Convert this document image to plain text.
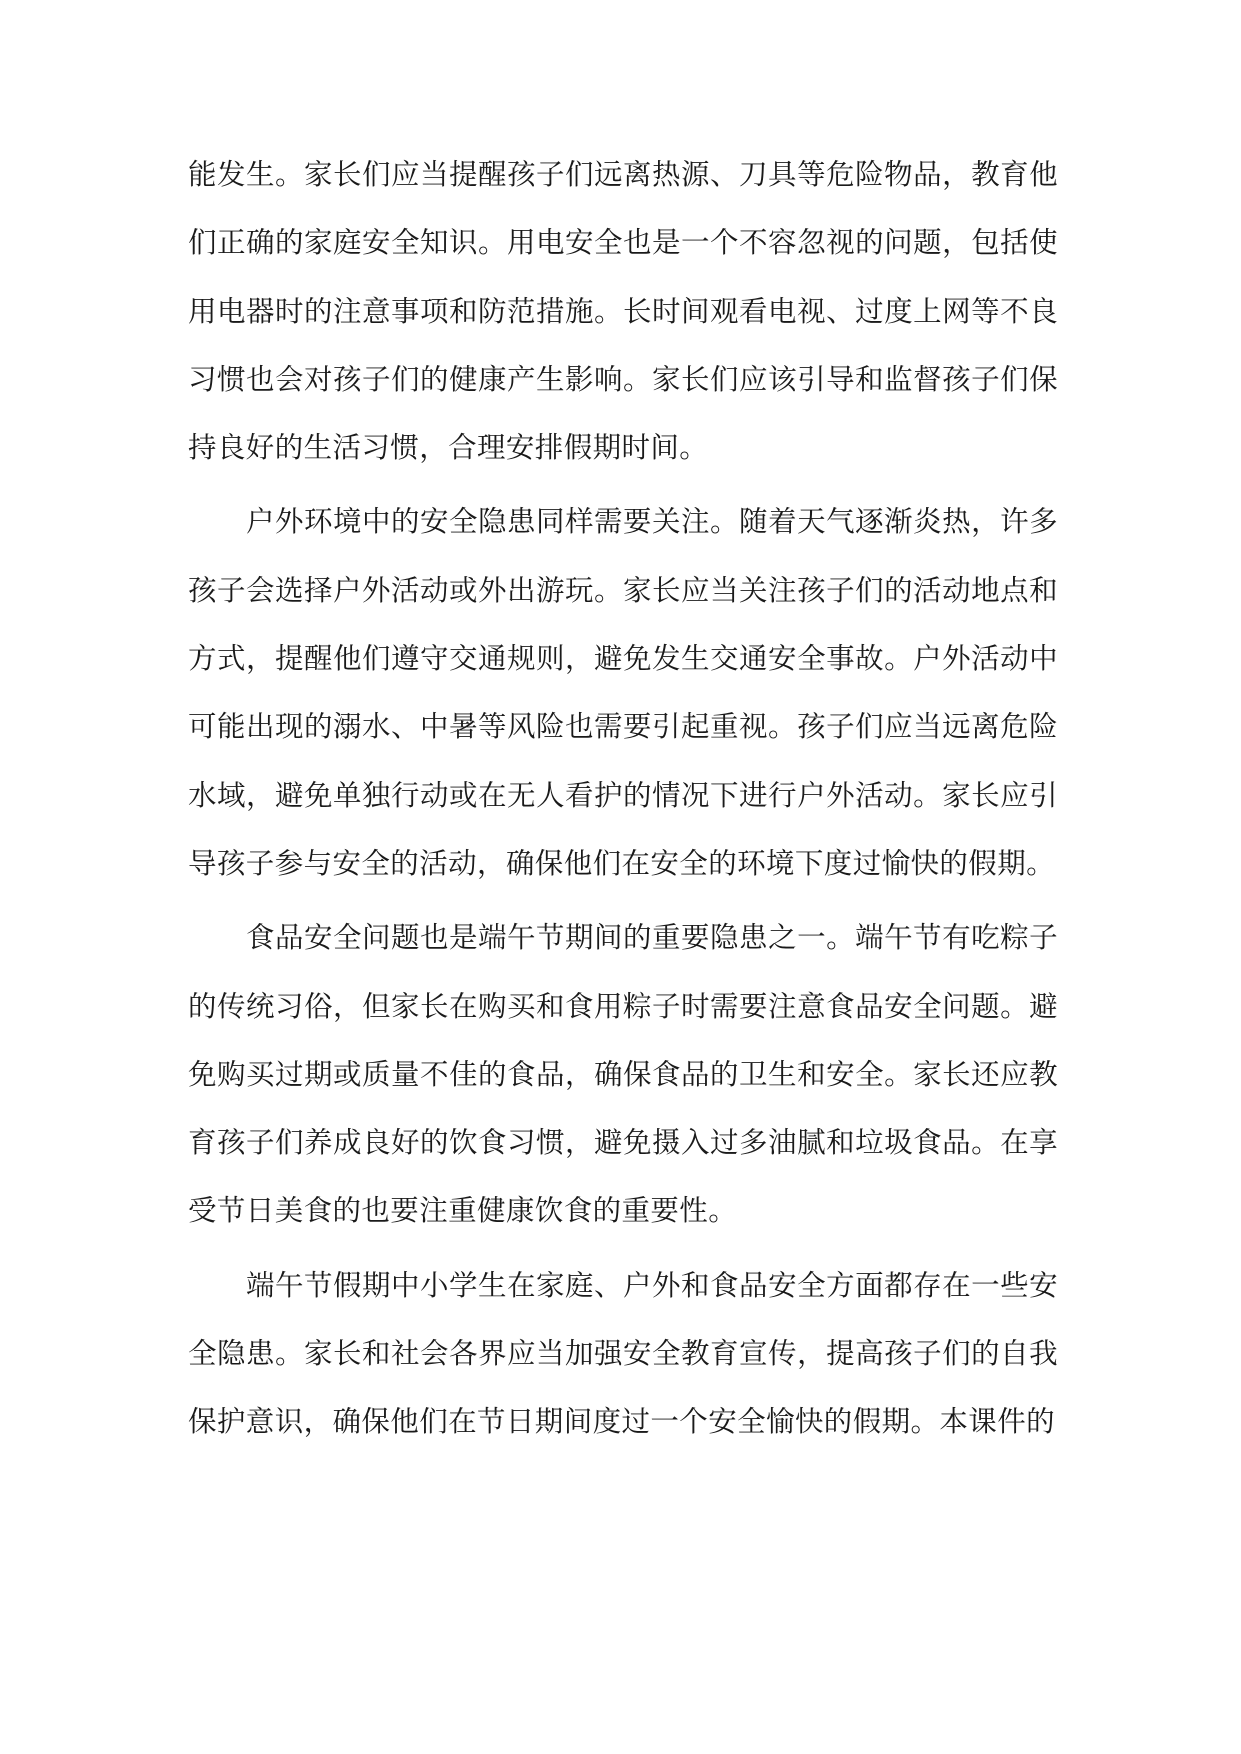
能发生。家长们应当提醒孩子们远离热源、刀具等危险物品，教育他们正确的家庭安全知识。用电安全也是一个不容忽视的问题，包括使用电器时的注意事项和防范措施。长时间观看电视、过度上网等不良习惯也会对孩子们的健康产生影响。家长们应该引导和监督孩子们保持良好的生活习惯，合理安排假期时间。

户外环境中的安全隐患同样需要关注。随着天气逐渐炎热，许多孩子会选择户外活动或外出游玩。家长应当关注孩子们的活动地点和方式，提醒他们遵守交通规则，避免发生交通安全事故。户外活动中可能出现的溺水、中暑等风险也需要引起重视。孩子们应当远离危险水域，避免单独行动或在无人看护的情况下进行户外活动。家长应引导孩子参与安全的活动，确保他们在安全的环境下度过愉快的假期。

食品安全问题也是端午节期间的重要隐患之一。端午节有吃粽子的传统习俗，但家长在购买和食用粽子时需要注意食品安全问题。避免购买过期或质量不佳的食品，确保食品的卫生和安全。家长还应教育孩子们养成良好的饮食习惯，避免摄入过多油腻和垃圾食品。在享受节日美食的也要注重健康饮食的重要性。

端午节假期中小学生在家庭、户外和食品安全方面都存在一些安全隐患。家长和社会各界应当加强安全教育宣传，提高孩子们的自我保护意识，确保他们在节日期间度过一个安全愉快的假期。本课件的
